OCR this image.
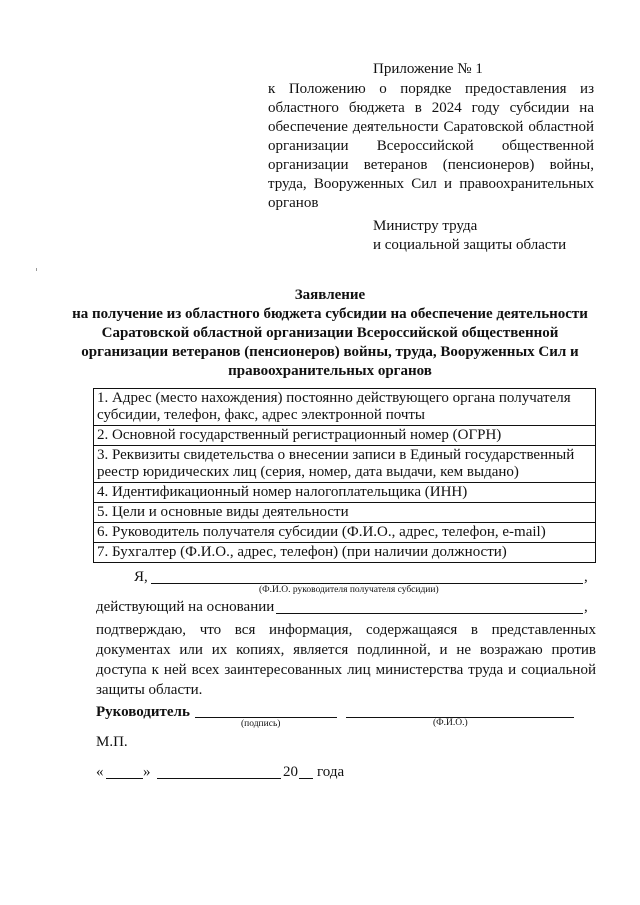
Приложение № 1
к Положению о порядке предоставления из областного бюджета в 2024 году субсидии на обеспечение деятельности Саратовской областной организации Всероссийской общественной организации ветеранов (пенсионеров) войны, труда, Вооруженных Сил и правоохранительных органов
Министру труда
и социальной защиты области
Заявление
на получение из областного бюджета субсидии на обеспечение деятельности Саратовской областной организации Всероссийской общественной организации ветеранов (пенсионеров) войны, труда, Вооруженных Сил и правоохранительных органов
1. Адрес (место нахождения) постоянно действующего органа получателя субсидии, телефон, факс, адрес электронной почты
2. Основной государственный регистрационный номер (ОГРН)
3. Реквизиты свидетельства о внесении записи в Единый государственный реестр юридических лиц (серия, номер, дата выдачи, кем выдано)
4. Идентификационный номер налогоплательщика (ИНН)
5. Цели и основные виды деятельности
6. Руководитель получателя субсидии (Ф.И.О., адрес, телефон, e-mail)
7. Бухгалтер (Ф.И.О., адрес, телефон) (при наличии должности)
Я,	,
(Ф.И.О. руководителя получателя субсидии)
действующий на основании	,
подтверждаю, что вся информация, содержащаяся в представленных документах или их копиях, является подлинной, и не возражаю против доступа к ней всех заинтересованных лиц министерства труда и социальной защиты области.
Руководитель
(подпись)	(Ф.И.О.)
М.П.
«	»	20 года
